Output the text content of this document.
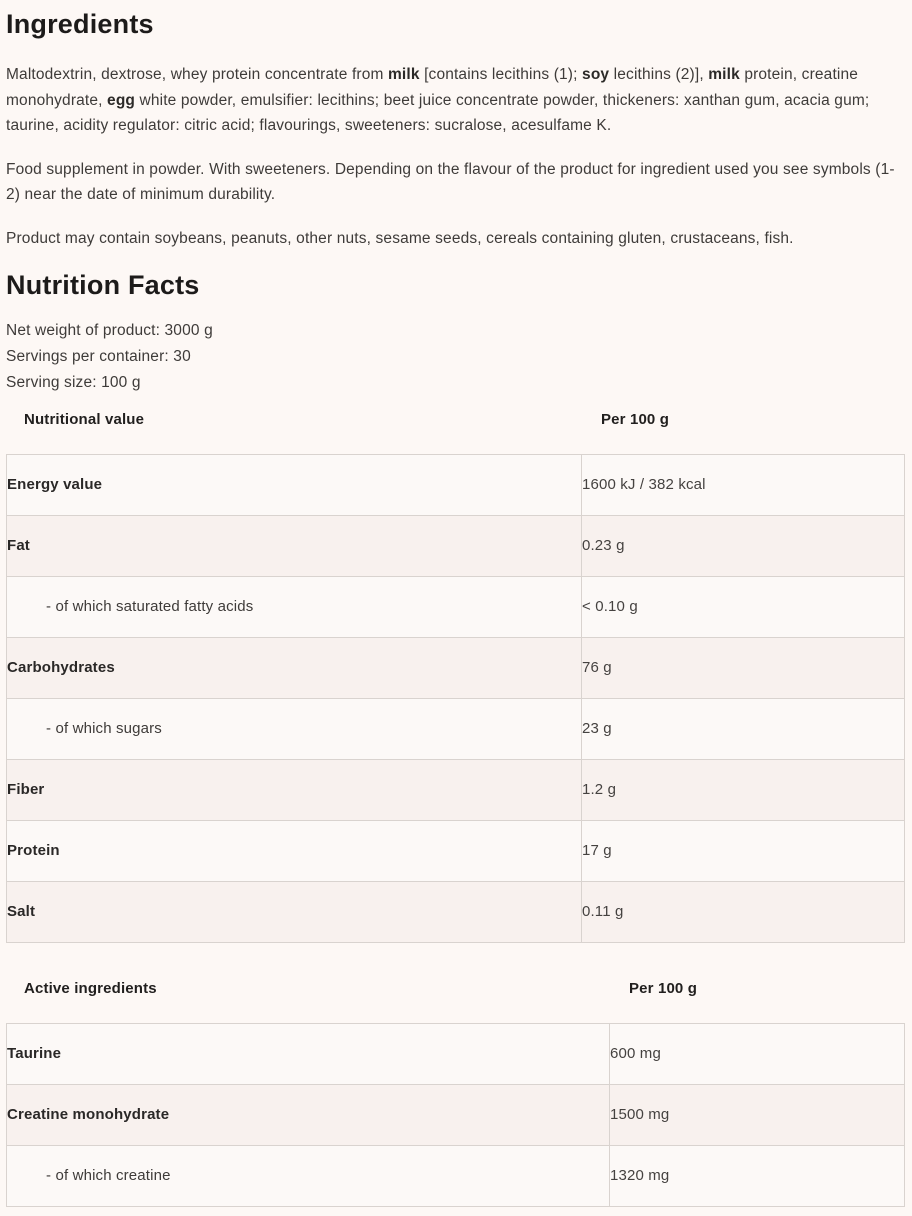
Ingredients

Maltodextrin, dextrose, whey protein concentrate from milk [contains lecithins (1); soy lecithins (2)], milk protein, creatine monohydrate, egg white powder, emulsifier: lecithins; beet juice concentrate powder, thickeners: xanthan gum, acacia gum; taurine, acidity regulator: citric acid; flavourings, sweeteners: sucralose, acesulfame K.

Food supplement in powder. With sweeteners. Depending on the flavour of the product for ingredient used you see symbols (1-2) near the date of minimum durability.

Product may contain soybeans, peanuts, other nuts, sesame seeds, cereals containing gluten, crustaceans, fish.

Nutrition Facts
Net weight of product: 3000 g
Servings per container: 30
Serving size: 100 g
Nutritional value	Per 100 g
Energy value	1600 kJ / 382 kcal
Fat	0.23 g
- of which saturated fatty acids	< 0.10 g
Carbohydrates	76 g
- of which sugars	23 g
Fiber	1.2 g
Protein	17 g
Salt	0.11 g
Active ingredients	Per 100 g
Taurine	600 mg
Creatine monohydrate	1500 mg
- of which creatine	1320 mg
